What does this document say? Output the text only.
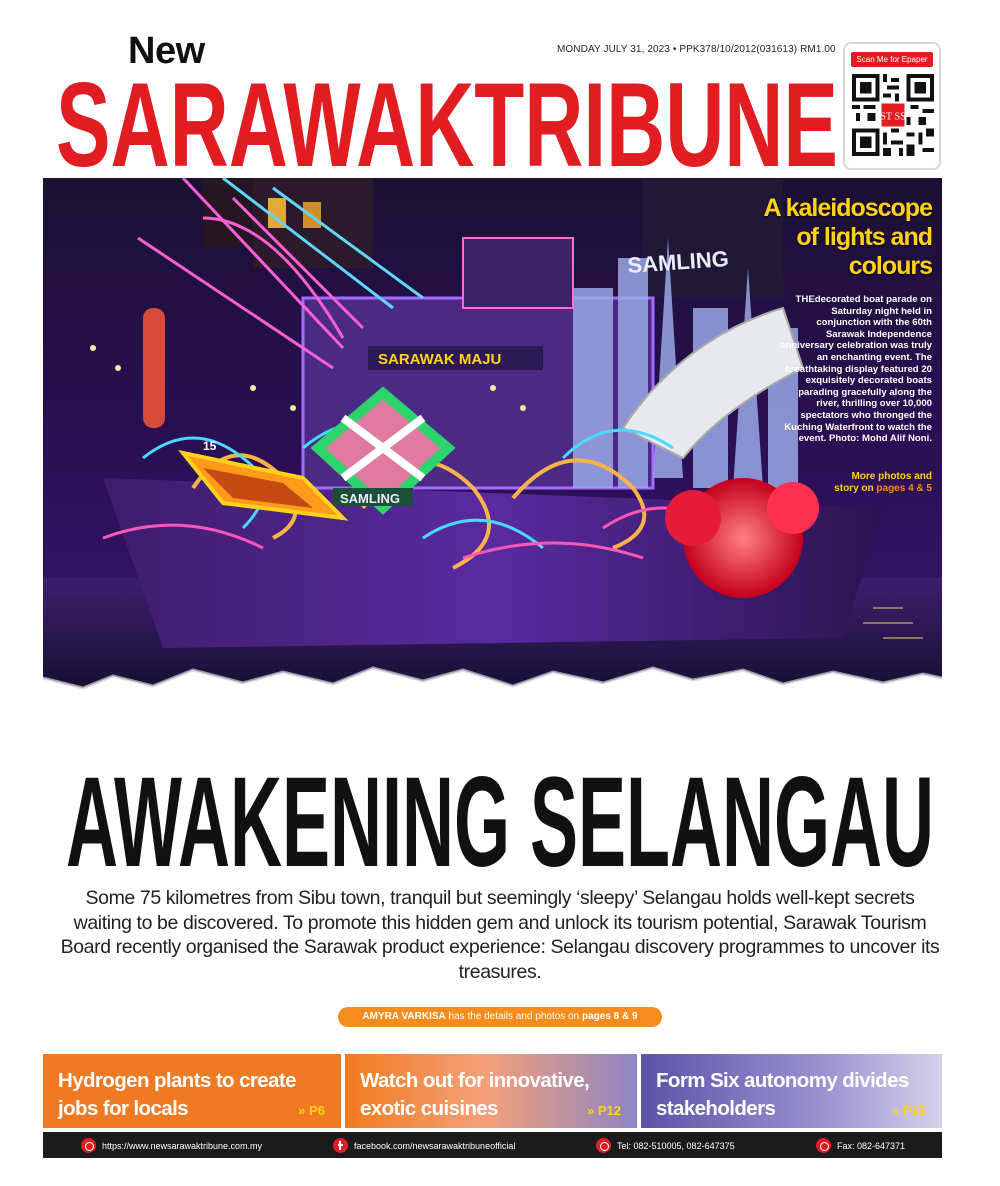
New
SARAWAKTRIBUNE
MONDAY JULY 31, 2023 • PPK378/10/2012(031613) RM1.00
Scan Me for Epaper
ST SS
SAMLING
SARAWAK MAJU
SAMLING
15
A kaleidoscope
of lights and
colours
THEdecorated boat parade on Saturday night held in conjunction with the 60th Sarawak Independence anniversary celebration was truly an enchanting event. The breathtaking display featured 20 exquisitely decorated boats parading gracefully along the river, thrilling over 10,000 spectators who thronged the Kuching Waterfront to watch the event. Photo: Mohd Alif Noni.
More photos and
story on pages 4 & 5
AWAKENING SELANGAU
Some 75 kilometres from Sibu town, tranquil but seemingly ‘sleepy’ Selangau holds well-kept secrets waiting to be discovered. To promote this hidden gem and unlock its tourism potential, Sarawak Tourism Board recently organised the Sarawak product experience: Selangau discovery programmes to uncover its treasures.
AMYRA VARKISA has the details and photos on pages 8 & 9
Hydrogen plants to create
jobs for locals	» P6
Watch out for innovative,
exotic cuisines	» P12
Form Six autonomy divides
stakeholders	» P15
https://www.newsarawaktribune.com.my	facebook.com/newsarawaktribuneofficial	Tel: 082-510005, 082-647375	Fax: 082-647371
